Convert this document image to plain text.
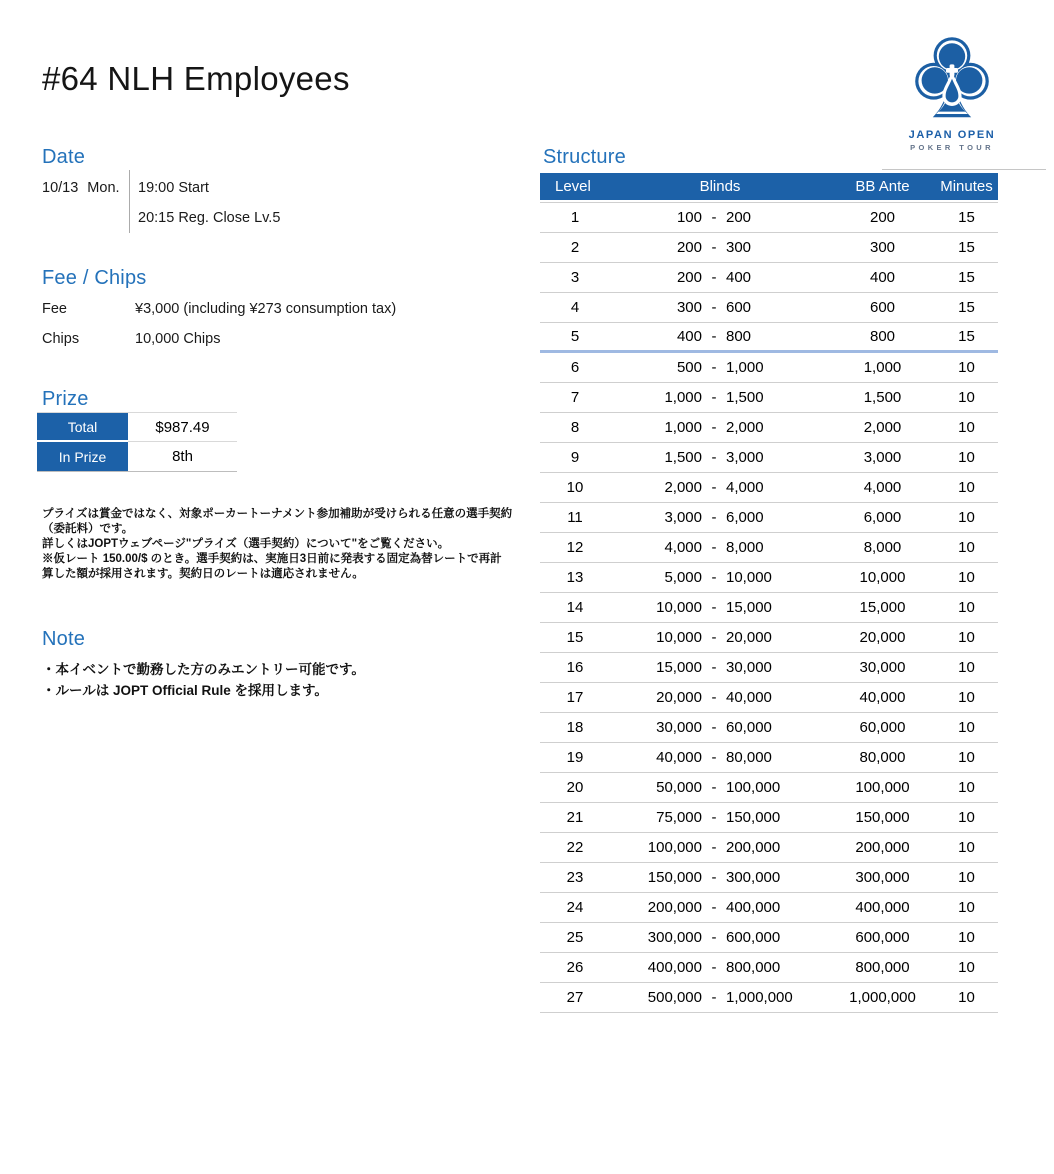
#64 NLH Employees
JAPAN OPEN
POKER TOUR
Date
10/13 Mon. 19:00 Start
20:15 Reg. Close Lv.5
Fee / Chips
Fee	¥3,000 (including ¥273 consumption tax)
Chips	10,000 Chips
Prize
Total	$987.49
In Prize	8th
プライズは賞金ではなく、対象ポーカートーナメント参加補助が受けられる任意の選手契約
（委託料）です。
詳しくはJOPTウェブページ"プライズ（選手契約）について"をご覧ください。
※仮レート 150.00/$ のとき。選手契約は、実施日3日前に発表する固定為替レートで再計
算した額が採用されます。契約日のレートは適応されません。
Note
・本イベントで勤務した方のみエントリー可能です。
・ルールは JOPT Official Rule を採用します。
Structure
Level	Blinds	BB Ante	Minutes
1	100 - 200	200	15
2	200 - 300	300	15
3	200 - 400	400	15
4	300 - 600	600	15
5	400 - 800	800	15
6	500 - 1,000	1,000	10
7	1,000 - 1,500	1,500	10
8	1,000 - 2,000	2,000	10
9	1,500 - 3,000	3,000	10
10	2,000 - 4,000	4,000	10
11	3,000 - 6,000	6,000	10
12	4,000 - 8,000	8,000	10
13	5,000 - 10,000	10,000	10
14	10,000 - 15,000	15,000	10
15	10,000 - 20,000	20,000	10
16	15,000 - 30,000	30,000	10
17	20,000 - 40,000	40,000	10
18	30,000 - 60,000	60,000	10
19	40,000 - 80,000	80,000	10
20	50,000 - 100,000	100,000	10
21	75,000 - 150,000	150,000	10
22	100,000 - 200,000	200,000	10
23	150,000 - 300,000	300,000	10
24	200,000 - 400,000	400,000	10
25	300,000 - 600,000	600,000	10
26	400,000 - 800,000	800,000	10
27	500,000 - 1,000,000	1,000,000	10
